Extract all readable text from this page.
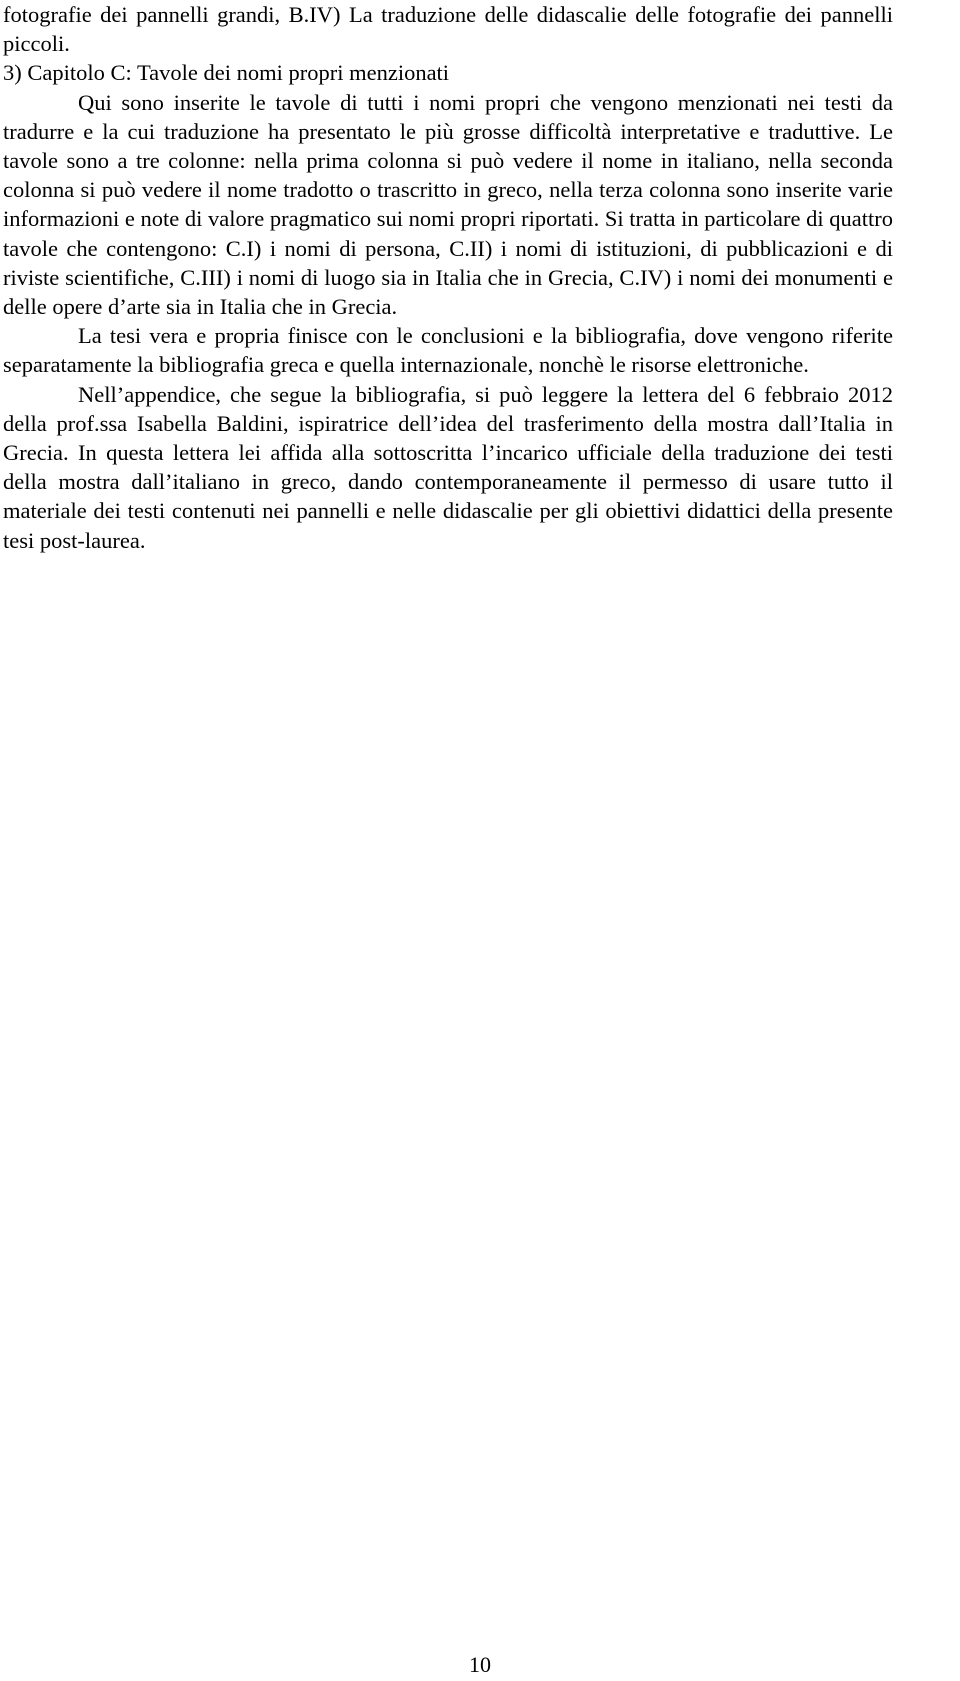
fotografie dei pannelli grandi, B.IV) La traduzione delle didascalie delle fotografie dei pannelli piccoli.

3) Capitolo C: Tavole dei nomi propri menzionati

Qui sono inserite le tavole di tutti i nomi propri che vengono menzionati nei testi da tradurre e la cui traduzione ha presentato le più grosse difficoltà interpretative e traduttive. Le tavole sono a tre colonne: nella prima colonna si può vedere il nome in italiano, nella seconda colonna si può vedere il nome tradotto o trascritto in greco, nella terza colonna sono inserite varie informazioni e note di valore pragmatico sui nomi propri riportati. Si tratta in particolare di quattro tavole che contengono: C.I) i nomi di persona, C.II) i nomi di istituzioni, di pubblicazioni e di riviste scientifiche, C.III) i nomi di luogo sia in Italia che in Grecia, C.IV) i nomi dei monumenti e delle opere d’arte sia in Italia che in Grecia.

La tesi vera e propria finisce con le conclusioni e la bibliografia, dove vengono riferite separatamente la bibliografia greca e quella internazionale, nonchè le risorse elettroniche.

Nell’appendice, che segue la bibliografia, si può leggere la lettera del 6 febbraio 2012 della prof.ssa Isabella Baldini, ispiratrice dell’idea del trasferimento della mostra dall’Italia in Grecia. In questa lettera lei affida alla sottoscritta l’incarico ufficiale della traduzione dei testi della mostra dall’italiano in greco, dando contemporaneamente il permesso di usare tutto il materiale dei testi contenuti nei pannelli e nelle didascalie per gli obiettivi didattici della presente tesi post-laurea.

10
